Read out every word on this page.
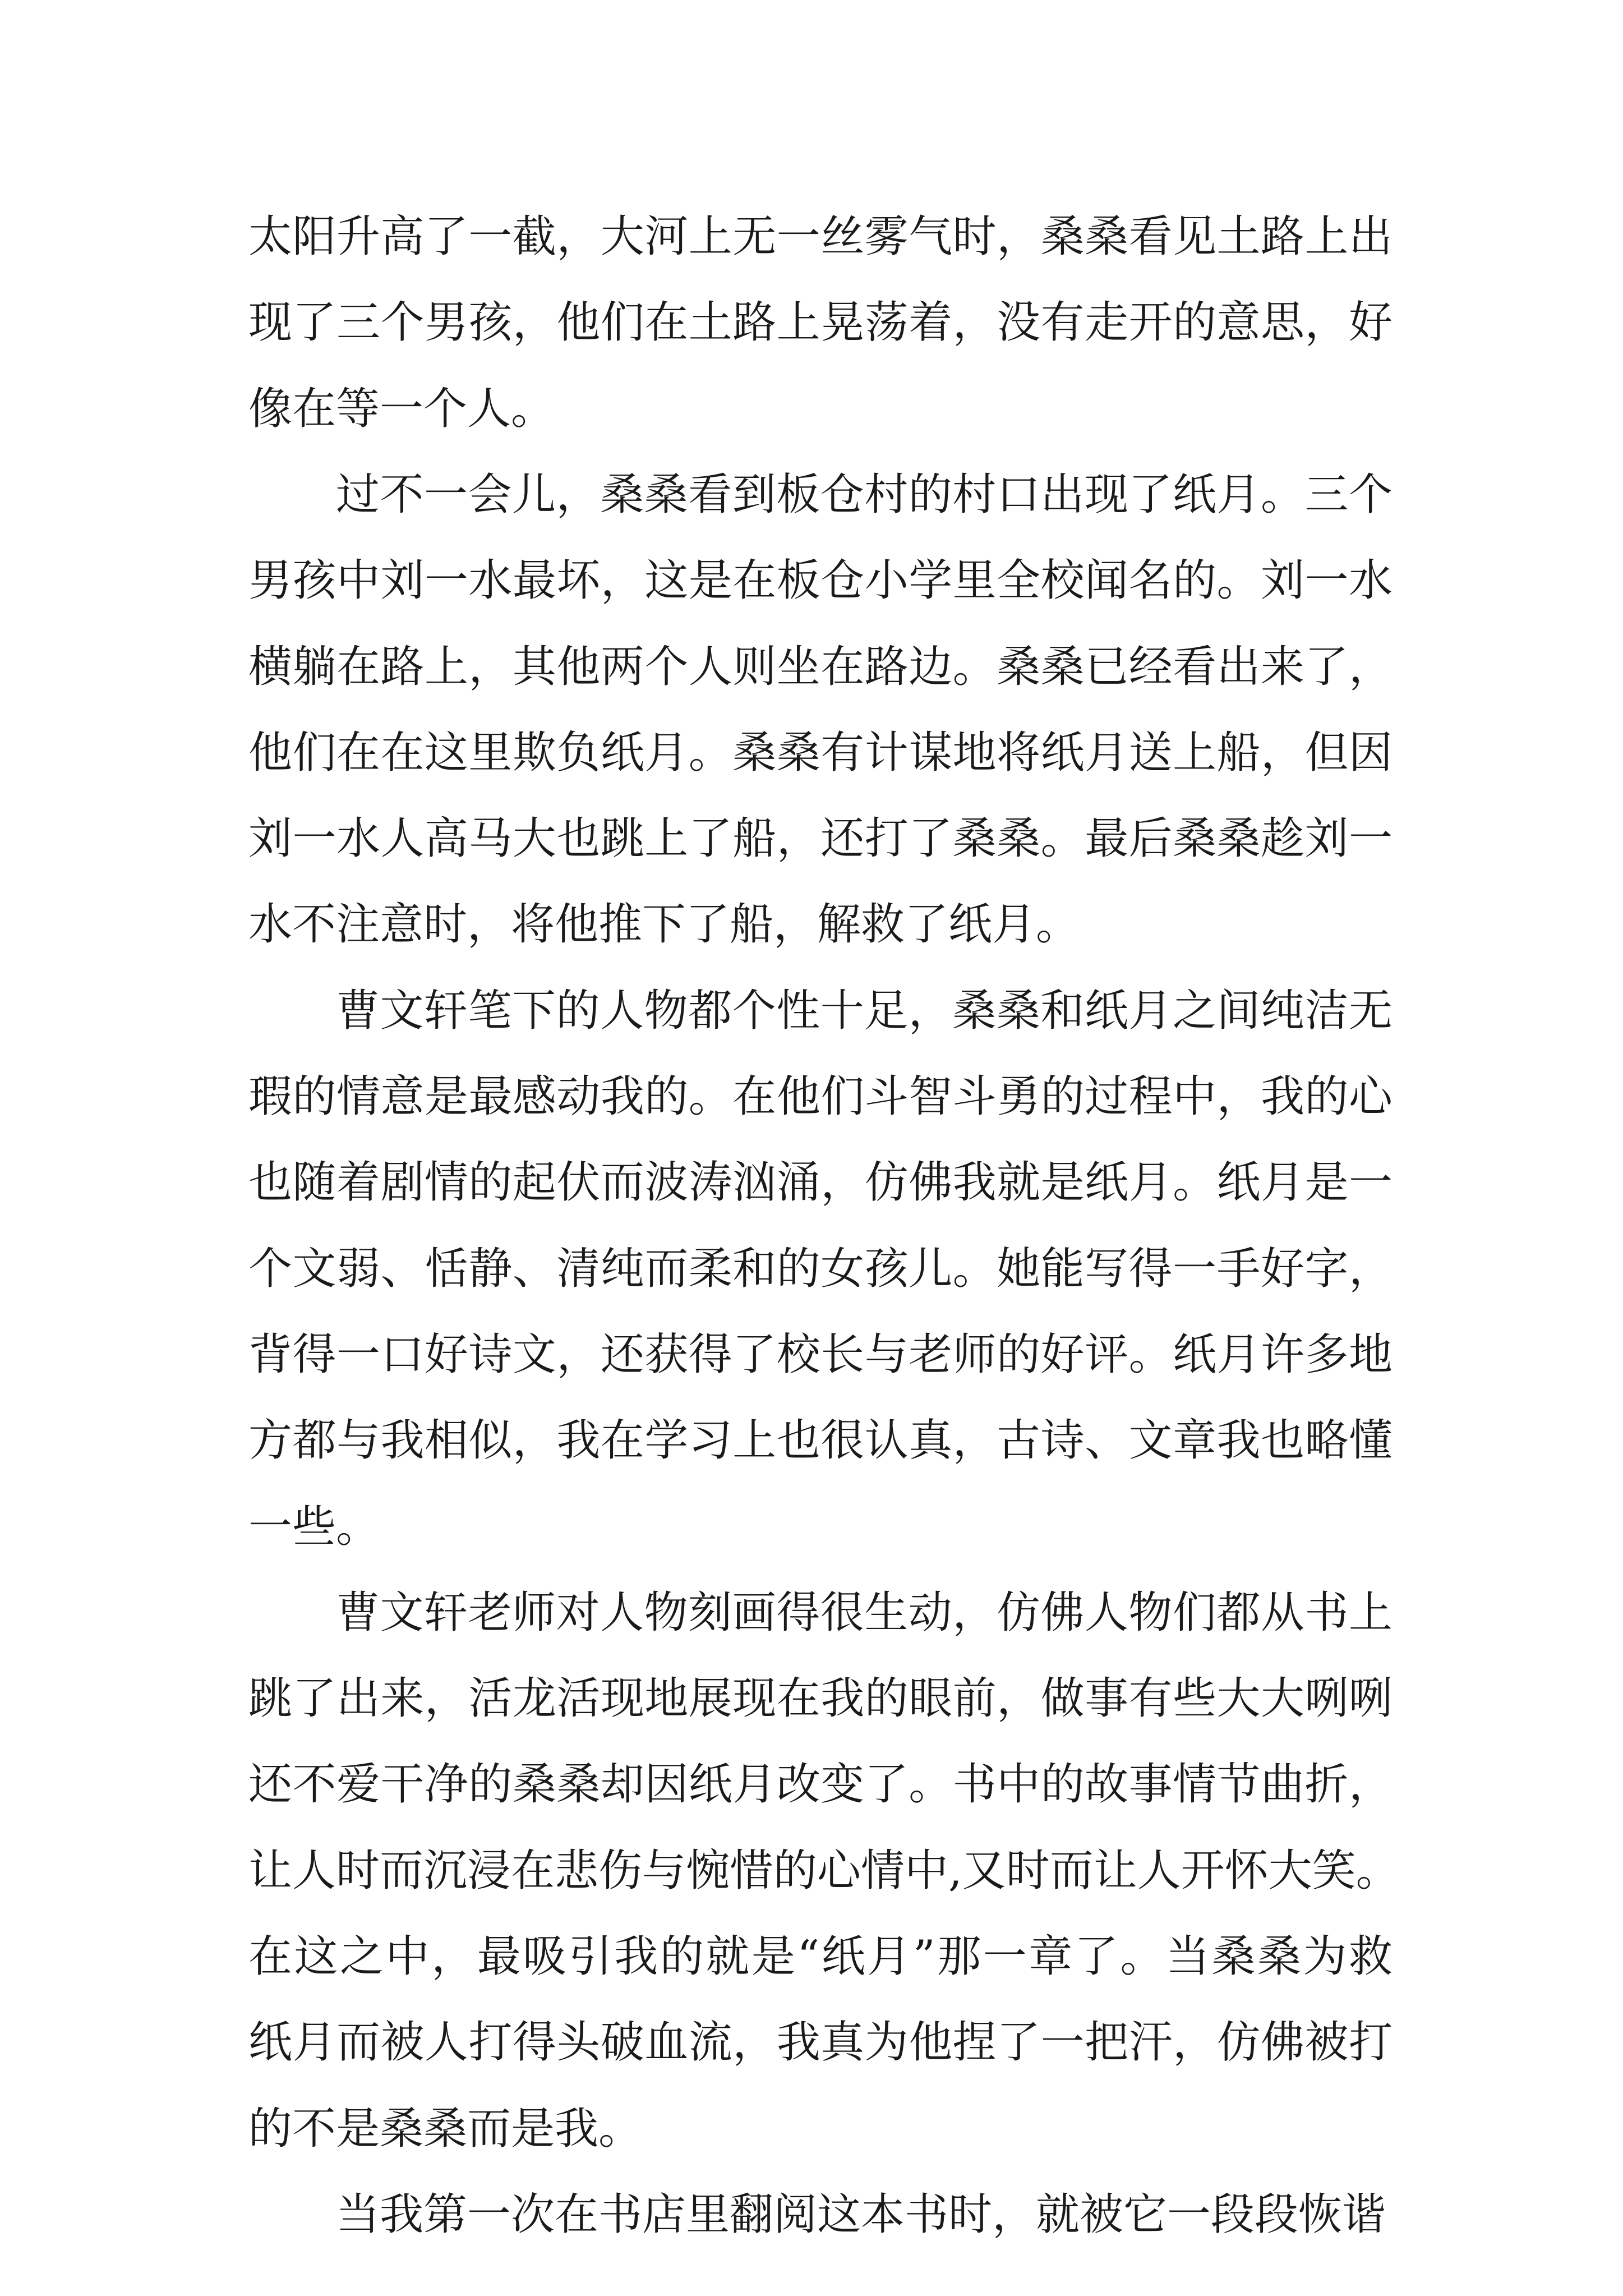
太阳升高了一截，大河上无一丝雾气时，桑桑看见土路上出

现了三个男孩，他们在土路上晃荡着，没有走开的意思，好

像在等一个人。

过不一会儿，桑桑看到板仓村的村口出现了纸月。三个

男孩中刘一水最坏，这是在板仓小学里全校闻名的。刘一水

横躺在路上，其他两个人则坐在路边。桑桑已经看出来了，

他们在在这里欺负纸月。桑桑有计谋地将纸月送上船，但因

刘一水人高马大也跳上了船，还打了桑桑。最后桑桑趁刘一

水不注意时，将他推下了船，解救了纸月。

曹文轩笔下的人物都个性十足，桑桑和纸月之间纯洁无

瑕的情意是最感动我的。在他们斗智斗勇的过程中，我的心

也随着剧情的起伏而波涛汹涌，仿佛我就是纸月。纸月是一

个文弱、恬静、清纯而柔和的女孩儿。她能写得一手好字，

背得一口好诗文，还获得了校长与老师的好评。纸月许多地

方都与我相似，我在学习上也很认真，古诗、文章我也略懂

一些。

曹文轩老师对人物刻画得很生动，仿佛人物们都从书上

跳了出来，活龙活现地展现在我的眼前，做事有些大大咧咧

还不爱干净的桑桑却因纸月改变了。书中的故事情节曲折，

让人时而沉浸在悲伤与惋惜的心情中,又时而让人开怀大笑。

在这之中，最吸引我的就是“纸月”那一章了。当桑桑为救

纸月而被人打得头破血流，我真为他捏了一把汗，仿佛被打

的不是桑桑而是我。

当我第一次在书店里翻阅这本书时，就被它一段段恢谐
